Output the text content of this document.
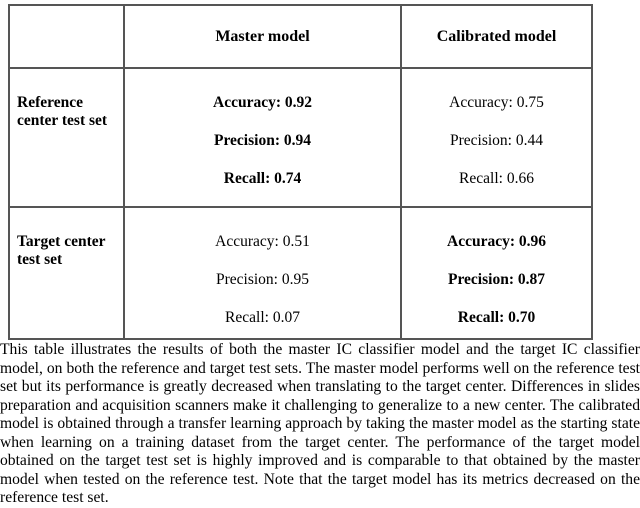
Master model	Calibrated model
Reference center test set
Accuracy: 0.92
Precision: 0.94
Recall: 0.74
Accuracy: 0.75
Precision: 0.44
Recall: 0.66
Target center test set
Accuracy: 0.51
Precision: 0.95
Recall: 0.07
Accuracy: 0.96
Precision: 0.87
Recall: 0.70

This table illustrates the results of both the master IC classifier model and the target IC classifier model, on both the reference and target test sets. The master model performs well on the reference test set but its performance is greatly decreased when translating to the target center. Differences in slides preparation and acquisition scanners make it challenging to generalize to a new center. The calibrated model is obtained through a transfer learning approach by taking the master model as the starting state when learning on a training dataset from the target center. The performance of the target model obtained on the target test set is highly improved and is comparable to that obtained by the master model when tested on the reference test. Note that the target model has its metrics decreased on the reference test set.
